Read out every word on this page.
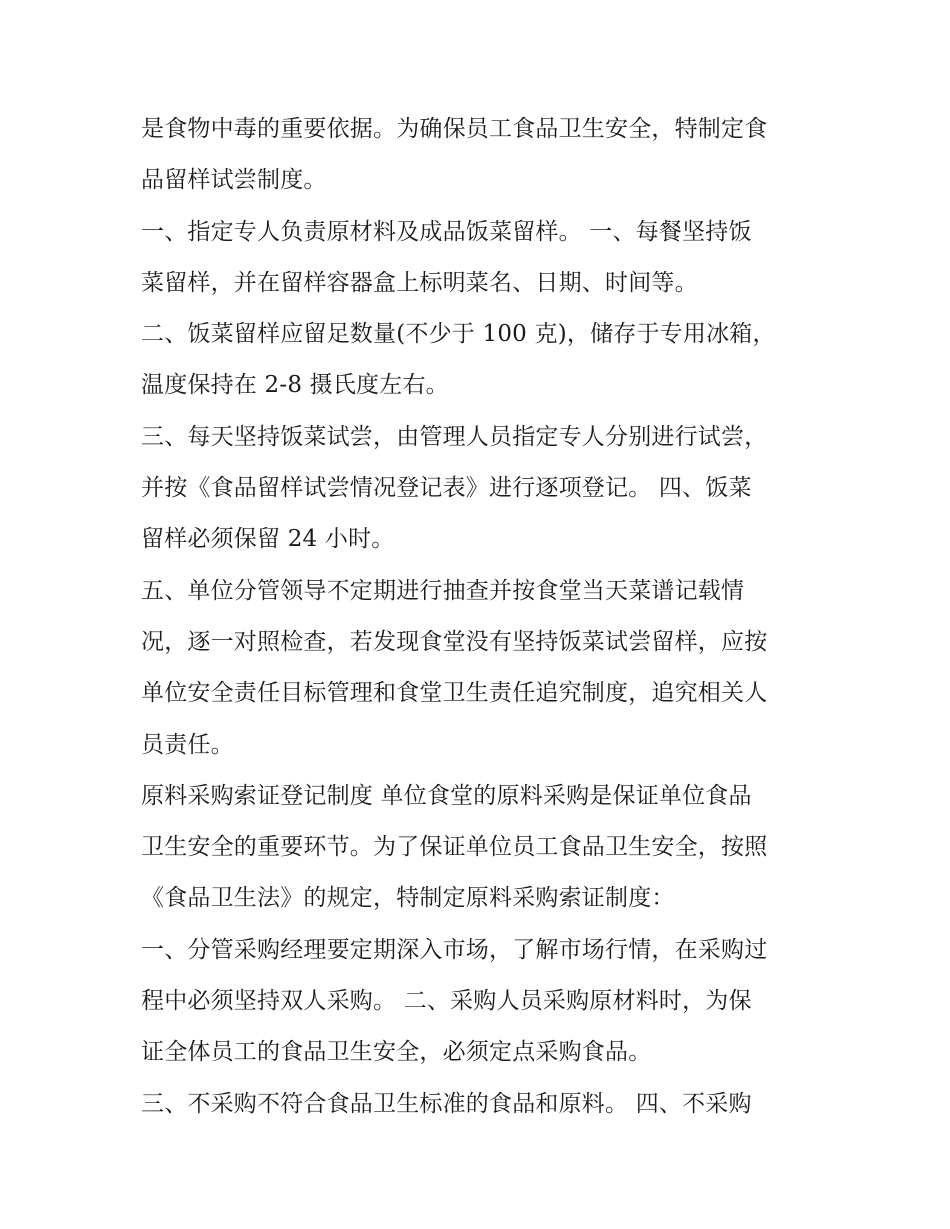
是食物中毒的重要依据。为确保员工食品卫生安全，特制定食
品留样试尝制度。
一、指定专人负责原材料及成品饭菜留样。 一、每餐坚持饭
菜留样，并在留样容器盒上标明菜名、日期、时间等。
二、饭菜留样应留足数量(不少于 100 克)，储存于专用冰箱，
温度保持在 2-8 摄氏度左右。
三、每天坚持饭菜试尝，由管理人员指定专人分别进行试尝，
并按《食品留样试尝情况登记表》进行逐项登记。 四、饭菜
留样必须保留 24 小时。
五、单位分管领导不定期进行抽查并按食堂当天菜谱记载情
况，逐一对照检查，若发现食堂没有坚持饭菜试尝留样，应按
单位安全责任目标管理和食堂卫生责任追究制度，追究相关人
员责任。
原料采购索证登记制度 单位食堂的原料采购是保证单位食品
卫生安全的重要环节。为了保证单位员工食品卫生安全，按照
《食品卫生法》的规定，特制定原料采购索证制度：
一、分管采购经理要定期深入市场，了解市场行情，在采购过
程中必须坚持双人采购。 二、采购人员采购原材料时，为保
证全体员工的食品卫生安全，必须定点采购食品。
三、不采购不符合食品卫生标准的食品和原料。 四、不采购
